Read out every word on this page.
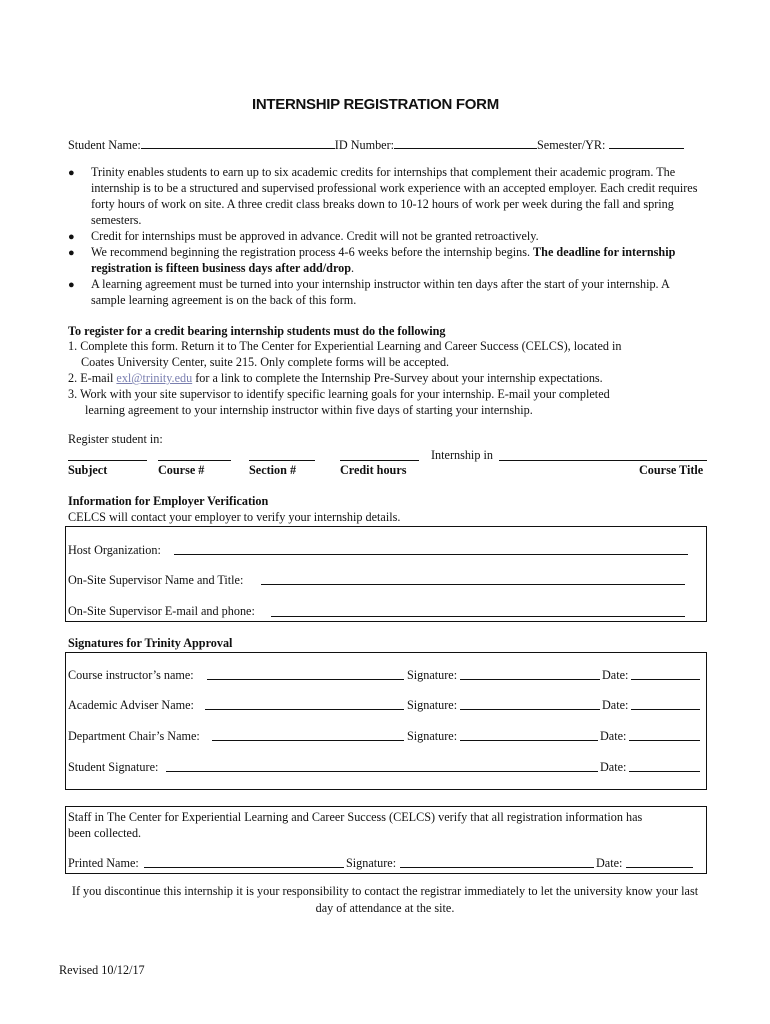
INTERNSHIP REGISTRATION FORM
Student Name:	ID Number:	Semester/YR:
● Trinity enables students to earn up to six academic credits for internships that complement their academic program. The internship is to be a structured and supervised professional work experience with an accepted employer. Each credit requires forty hours of work on site. A three credit class breaks down to 10-12 hours of work per week during the fall and spring semesters.
● Credit for internships must be approved in advance. Credit will not be granted retroactively.
● We recommend beginning the registration process 4-6 weeks before the internship begins. The deadline for internship registration is fifteen business days after add/drop.
● A learning agreement must be turned into your internship instructor within ten days after the start of your internship. A sample learning agreement is on the back of this form.
To register for a credit bearing internship students must do the following
1. Complete this form. Return it to The Center for Experiential Learning and Career Success (CELCS), located in
Coates University Center, suite 215. Only complete forms will be accepted.
2. E-mail exl@trinity.edu for a link to complete the Internship Pre-Survey about your internship expectations.
3. Work with your site supervisor to identify specific learning goals for your internship. E-mail your completed
learning agreement to your internship instructor within five days of starting your internship.
Register student in:
Internship in
Subject	Course #	Section #	Credit hours	Course Title
Information for Employer Verification
CELCS will contact your employer to verify your internship details.
Host Organization:
On-Site Supervisor Name and Title:
On-Site Supervisor E-mail and phone:
Signatures for Trinity Approval
Course instructor’s name:	Signature:	Date:
Academic Adviser Name:	Signature:	Date:
Department Chair’s Name:	Signature:	Date:
Student Signature:	Date:
Staff in The Center for Experiential Learning and Career Success (CELCS) verify that all registration information has
been collected.
Printed Name:	Signature:	Date:
If you discontinue this internship it is your responsibility to contact the registrar immediately to let the university know your last
day of attendance at the site.
Revised 10/12/17
